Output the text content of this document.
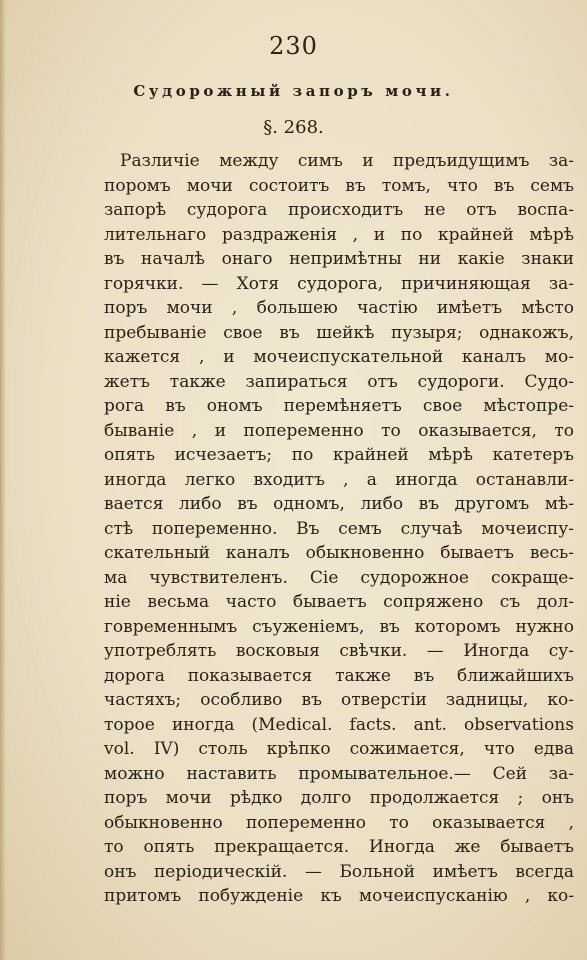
230
Судорожный запоръ мочи.
§. 268.
Различіе между симъ и предъидущимъ за-
поромъ мочи состоитъ въ томъ, что въ семъ
запорѣ судорога происходитъ не отъ воспа-
лительнаго раздраженія , и по крайней мѣрѣ
въ началѣ онаго непримѣтны ни какіе знаки
горячки. — Хотя судорога, причиняющая за-
поръ мочи , большею частію имѣетъ мѣсто
пребываніе свое въ шейкѣ пузыря; однакожъ,
кажется , и мочеиспускательной каналъ мо-
жетъ также запираться отъ судороги. Судо-
рога въ ономъ перемѣняетъ свое мѣстопре-
бываніе , и попеременно то оказывается, то
опять исчезаетъ; по крайней мѣрѣ катетеръ
иногда легко входитъ , а иногда останавли-
вается либо въ одномъ, либо въ другомъ мѣ-
стѣ попеременно. Въ семъ случаѣ мочеиспу-
скательный каналъ обыкновенно бываетъ весь-
ма чувствителенъ. Сіе судорожное сокраще-
ніе весьма часто бываетъ сопряжено съ дол-
говременнымъ съуженіемъ, въ которомъ нужно
употреблять восковыя свѣчки. — Иногда су-
дорога показывается также въ ближайшихъ
частяхъ; особливо въ отверстіи задницы, ко-
торое иногда (Medical. facts. ant. observations
vol. IV) столь крѣпко сожимается, что едва
можно наставить промывательное.— Сей за-
поръ мочи рѣдко долго продолжается ; онъ
обыкновенно попеременно то оказывается ,
то опять прекращается. Иногда же бываетъ
онъ періодическій. — Больной имѣетъ всегда
притомъ побужденіе къ мочеиспусканію , ко-
